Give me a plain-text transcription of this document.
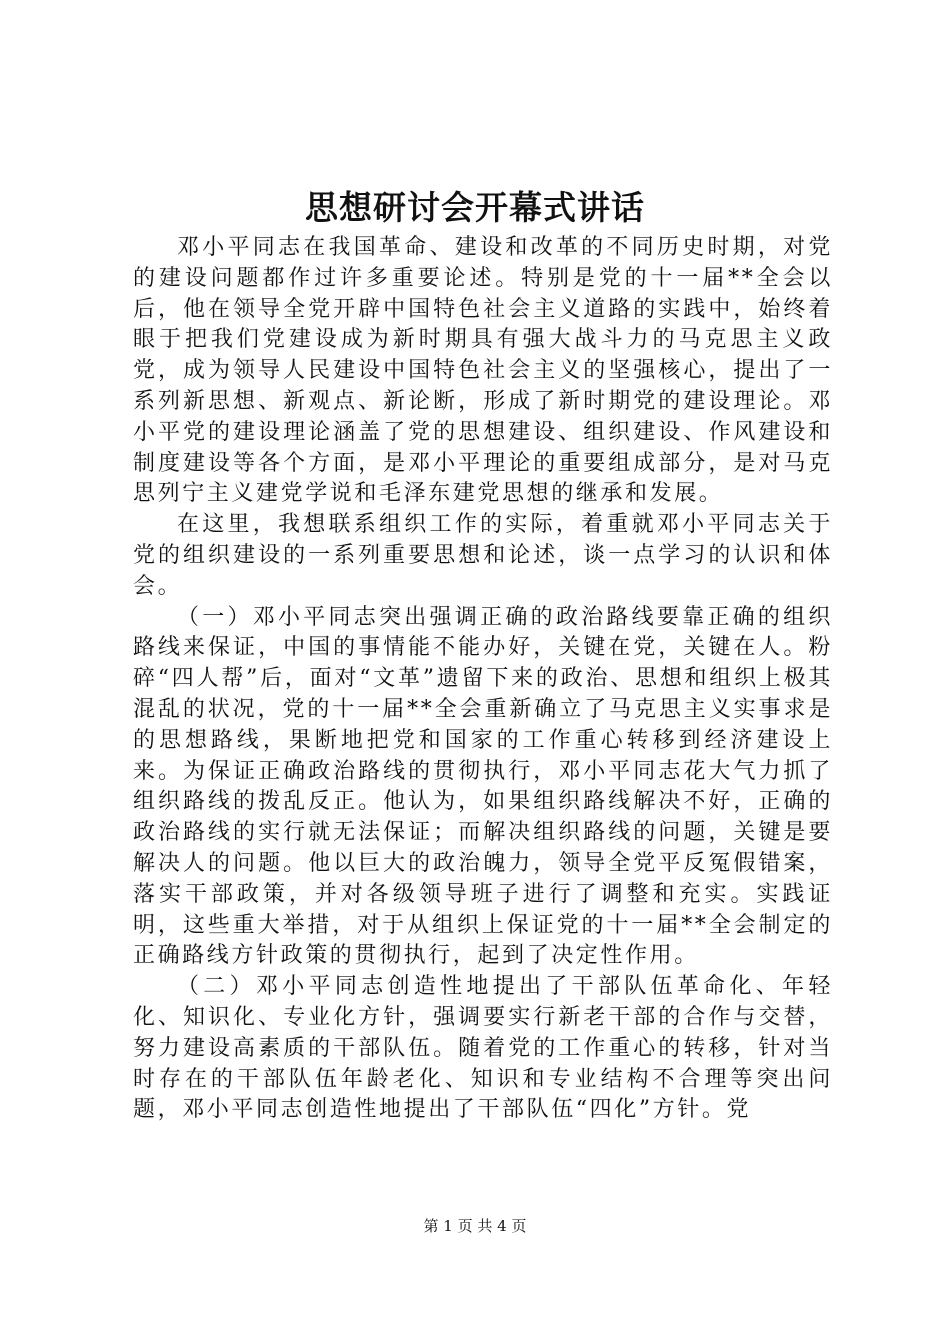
思想研讨会开幕式讲话

邓小平同志在我国革命、建设和改革的不同历史时期，对党的建设问题都作过许多重要论述。特别是党的十一届**全会以后，他在领导全党开辟中国特色社会主义道路的实践中，始终着眼于把我们党建设成为新时期具有强大战斗力的马克思主义政党，成为领导人民建设中国特色社会主义的坚强核心，提出了一系列新思想、新观点、新论断，形成了新时期党的建设理论。邓小平党的建设理论涵盖了党的思想建设、组织建设、作风建设和制度建设等各个方面，是邓小平理论的重要组成部分，是对马克思列宁主义建党学说和毛泽东建党思想的继承和发展。

在这里，我想联系组织工作的实际，着重就邓小平同志关于党的组织建设的一系列重要思想和论述，谈一点学习的认识和体会。

（一）邓小平同志突出强调正确的政治路线要靠正确的组织路线来保证，中国的事情能不能办好，关键在党，关键在人。粉碎“四人帮”后，面对“文革”遗留下来的政治、思想和组织上极其混乱的状况，党的十一届**全会重新确立了马克思主义实事求是的思想路线，果断地把党和国家的工作重心转移到经济建设上来。为保证正确政治路线的贯彻执行，邓小平同志花大气力抓了组织路线的拨乱反正。他认为，如果组织路线解决不好，正确的政治路线的实行就无法保证；而解决组织路线的问题，关键是要解决人的问题。他以巨大的政治魄力，领导全党平反冤假错案，落实干部政策，并对各级领导班子进行了调整和充实。实践证明，这些重大举措，对于从组织上保证党的十一届**全会制定的正确路线方针政策的贯彻执行，起到了决定性作用。

（二）邓小平同志创造性地提出了干部队伍革命化、年轻化、知识化、专业化方针，强调要实行新老干部的合作与交替，努力建设高素质的干部队伍。随着党的工作重心的转移，针对当时存在的干部队伍年龄老化、知识和专业结构不合理等突出问题，邓小平同志创造性地提出了干部队伍“四化”方针。党

第 1 页 共 4 页
